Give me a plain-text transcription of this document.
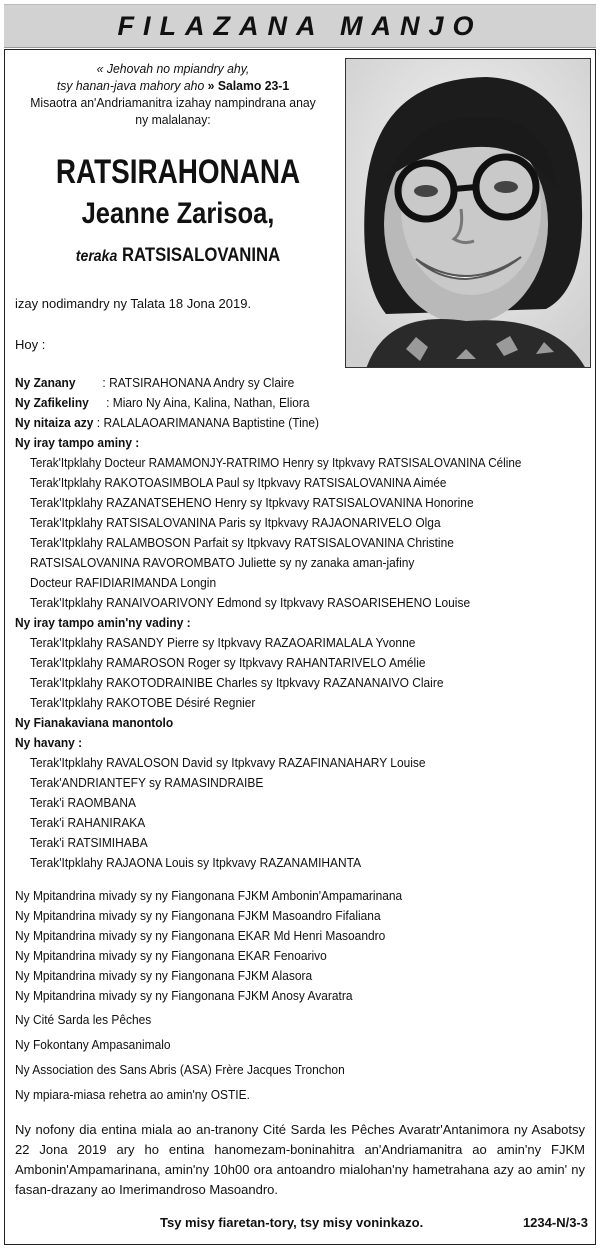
FILAZANA MANJO
« Jehovah no mpiandry ahy,
tsy hanan-java mahory aho » Salamo 23-1
Misaotra an'Andriamanitra izahay nampindrana anay
ny malalanay:
RATSIRAHONANA
Jeanne Zarisoa,
teraka RATSISALOVANINA
izay nodimandry ny Talata 18 Jona 2019.
Hoy :
Ny Zanany : RATSIRAHONANA Andry sy Claire
Ny Zafikeliny : Miaro Ny Aina, Kalina, Nathan, Eliora
Ny nitaiza azy : RALALAOARIMANANA Baptistine (Tine)
Ny iray tampo aminy :
Terak'Itpklahy Docteur RAMAMONJY-RATRIMO Henry sy Itpkvavy RATSISALOVANINA Céline
Terak'Itpklahy RAKOTOASIMBOLA Paul sy Itpkvavy RATSISALOVANINA Aimée
Terak'Itpklahy RAZANATSEHENO Henry sy Itpkvavy RATSISALOVANINA Honorine
Terak'Itpklahy RATSISALOVANINA Paris sy Itpkvavy RAJAONARIVELO Olga
Terak'Itpklahy RALAMBOSON Parfait sy Itpkvavy RATSISALOVANINA Christine
RATSISALOVANINA RAVOROMBATO Juliette sy ny zanaka aman-jafiny
Docteur RAFIDIARIMANDA Longin
Terak'Itpklahy RANAIVOARIVONY Edmond sy Itpkvavy RASOARISEHENO Louise
Ny iray tampo amin'ny vadiny :
Terak'Itpklahy RASANDY Pierre sy Itpkvavy RAZAOARIMALALA Yvonne
Terak'Itpklahy RAMAROSON Roger sy Itpkvavy RAHANTARIVELO Amélie
Terak'Itpklahy RAKOTODRAINIBE Charles sy Itpkvavy RAZANANAIVO Claire
Terak'Itpklahy RAKOTOBE Désiré Regnier
Ny Fianakaviana manontolo
Ny havany :
Terak'Itpklahy RAVALOSON David sy Itpkvavy RAZAFINANAHARY Louise
Terak'ANDRIANTEFY sy RAMASINDRAIBE
Terak'i RAOMBANA
Terak'i RAHANIRAKA
Terak'i RATSIMIHABA
Terak'Itpklahy RAJAONA Louis sy Itpkvavy RAZANAMIHANTA
Ny Mpitandrina mivady sy ny Fiangonana FJKM Ambonin'Ampamarinana
Ny Mpitandrina mivady sy ny Fiangonana FJKM Masoandro Fifaliana
Ny Mpitandrina mivady sy ny Fiangonana EKAR Md Henri Masoandro
Ny Mpitandrina mivady sy ny Fiangonana EKAR Fenoarivo
Ny Mpitandrina mivady sy ny Fiangonana FJKM Alasora
Ny Mpitandrina mivady sy ny Fiangonana FJKM Anosy Avaratra
Ny Cité Sarda les Pêches
Ny Fokontany Ampasanimalo
Ny Association des Sans Abris (ASA) Frère Jacques Tronchon
Ny mpiara-miasa rehetra ao amin'ny OSTIE.
Ny nofony dia entina miala ao an-tranony Cité Sarda les Pêches Avaratr'Antanimora ny Asabotsy 22 Jona 2019 ary ho entina hanomezam-boninahitra an'Andriamanitra ao amin'ny FJKM Ambonin'Ampamarinana, amin'ny 10h00 ora antoandro mialohan'ny hametrahana azy ao amin' ny fasan-drazany ao Imerimandroso Masoandro.
Tsy misy fiaretan-tory, tsy misy voninkazo.	1234-N/3-3
